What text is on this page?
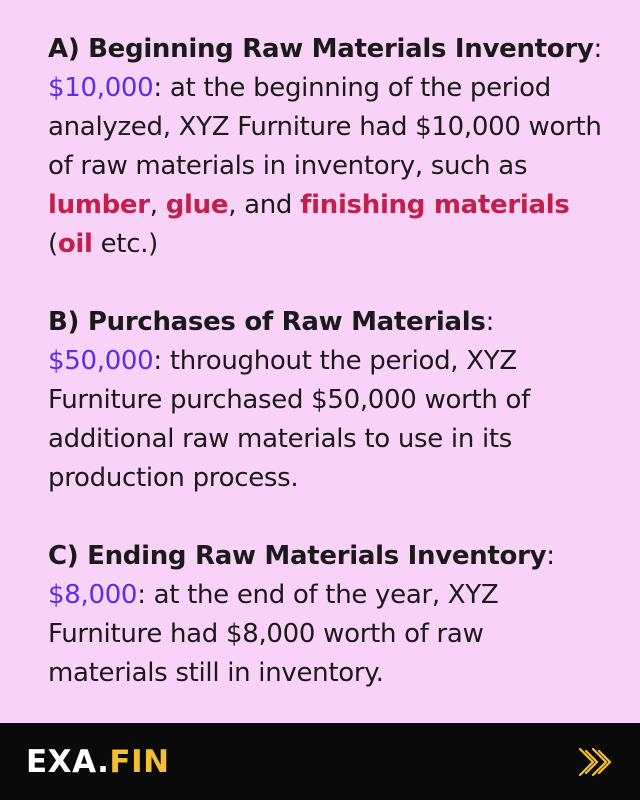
A) Beginning Raw Materials Inventory: $10,000: at the beginning of the period analyzed, XYZ Furniture had $10,000 worth of raw materials in inventory, such as lumber, glue, and finishing materials (oil etc.)

B) Purchases of Raw Materials: $50,000: throughout the period, XYZ Furniture purchased $50,000 worth of additional raw materials to use in its production process.

C) Ending Raw Materials Inventory: $8,000: at the end of the year, XYZ Furniture had $8,000 worth of raw materials still in inventory.

EXA.FIN
